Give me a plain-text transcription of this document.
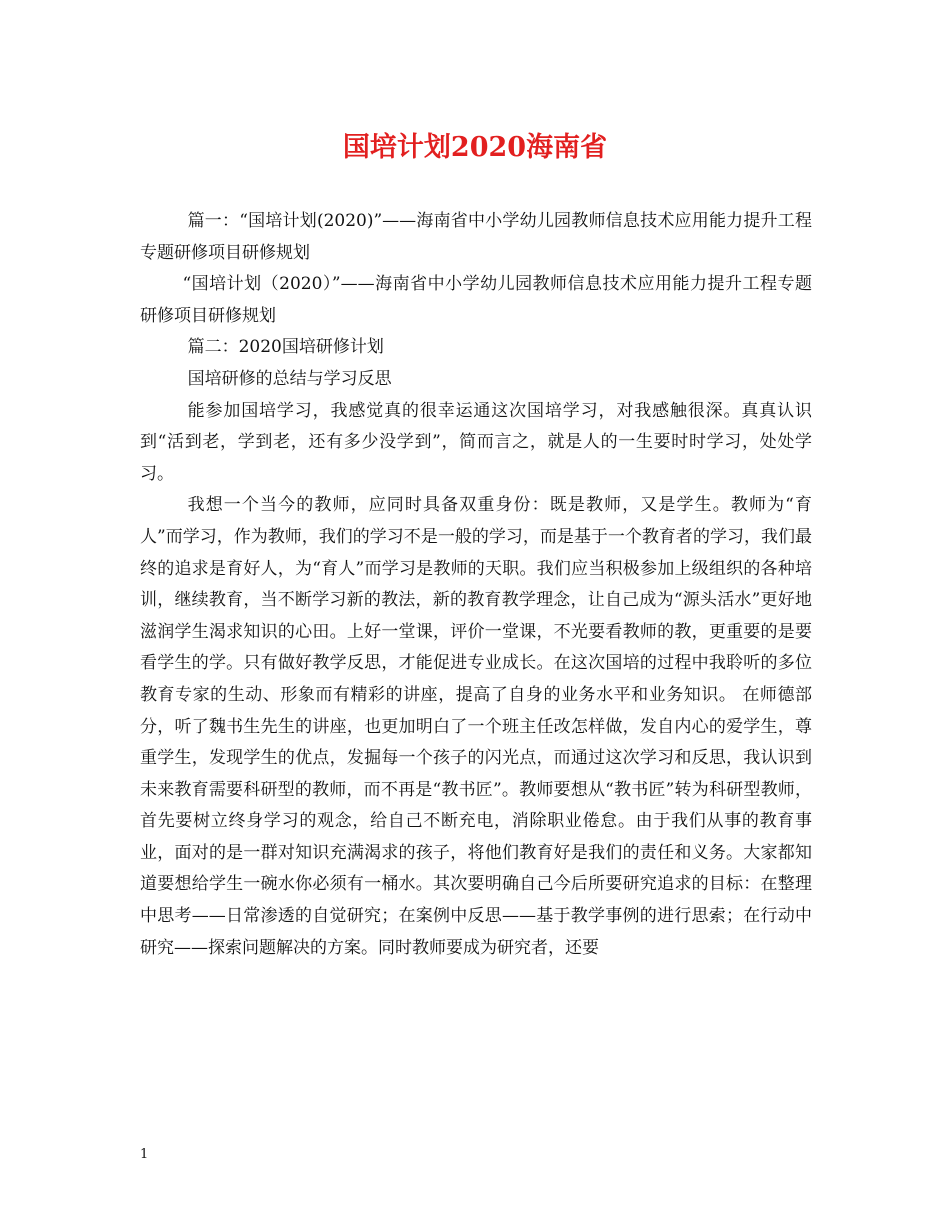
国培计划2020海南省

篇一：“国培计划(2020)”——海南省中小学幼儿园教师信息技术应用能力提升工程专题研修项目研修规划

“国培计划（2020）”——海南省中小学幼儿园教师信息技术应用能力提升工程专题研修项目研修规划

篇二：2020国培研修计划

国培研修的总结与学习反思

能参加国培学习，我感觉真的很幸运通这次国培学习，对我感触很深。真真认识到“活到老，学到老，还有多少没学到”，简而言之，就是人的一生要时时学习，处处学习。

我想一个当今的教师，应同时具备双重身份：既是教师，又是学生。教师为“育人”而学习，作为教师，我们的学习不是一般的学习，而是基于一个教育者的学习，我们最终的追求是育好人，为“育人”而学习是教师的天职。我们应当积极参加上级组织的各种培训，继续教育，当不断学习新的教法，新的教育教学理念，让自己成为“源头活水”更好地滋润学生渴求知识的心田。上好一堂课，评价一堂课，不光要看教师的教，更重要的是要看学生的学。只有做好教学反思，才能促进专业成长。在这次国培的过程中我聆听的多位教育专家的生动、形象而有精彩的讲座，提高了自身的业务水平和业务知识。 在师德部分，听了魏书生先生的讲座，也更加明白了一个班主任改怎样做，发自内心的爱学生，尊重学生，发现学生的优点，发掘每一个孩子的闪光点，而通过这次学习和反思，我认识到未来教育需要科研型的教师，而不再是“教书匠”。教师要想从“教书匠”转为科研型教师，首先要树立终身学习的观念，给自己不断充电，消除职业倦怠。由于我们从事的教育事业，面对的是一群对知识充满渴求的孩子，将他们教育好是我们的责任和义务。大家都知道要想给学生一碗水你必须有一桶水。其次要明确自己今后所要研究追求的目标：在整理中思考——日常渗透的自觉研究；在案例中反思——基于教学事例的进行思索；在行动中研究——探索问题解决的方案。同时教师要成为研究者，还要

1
